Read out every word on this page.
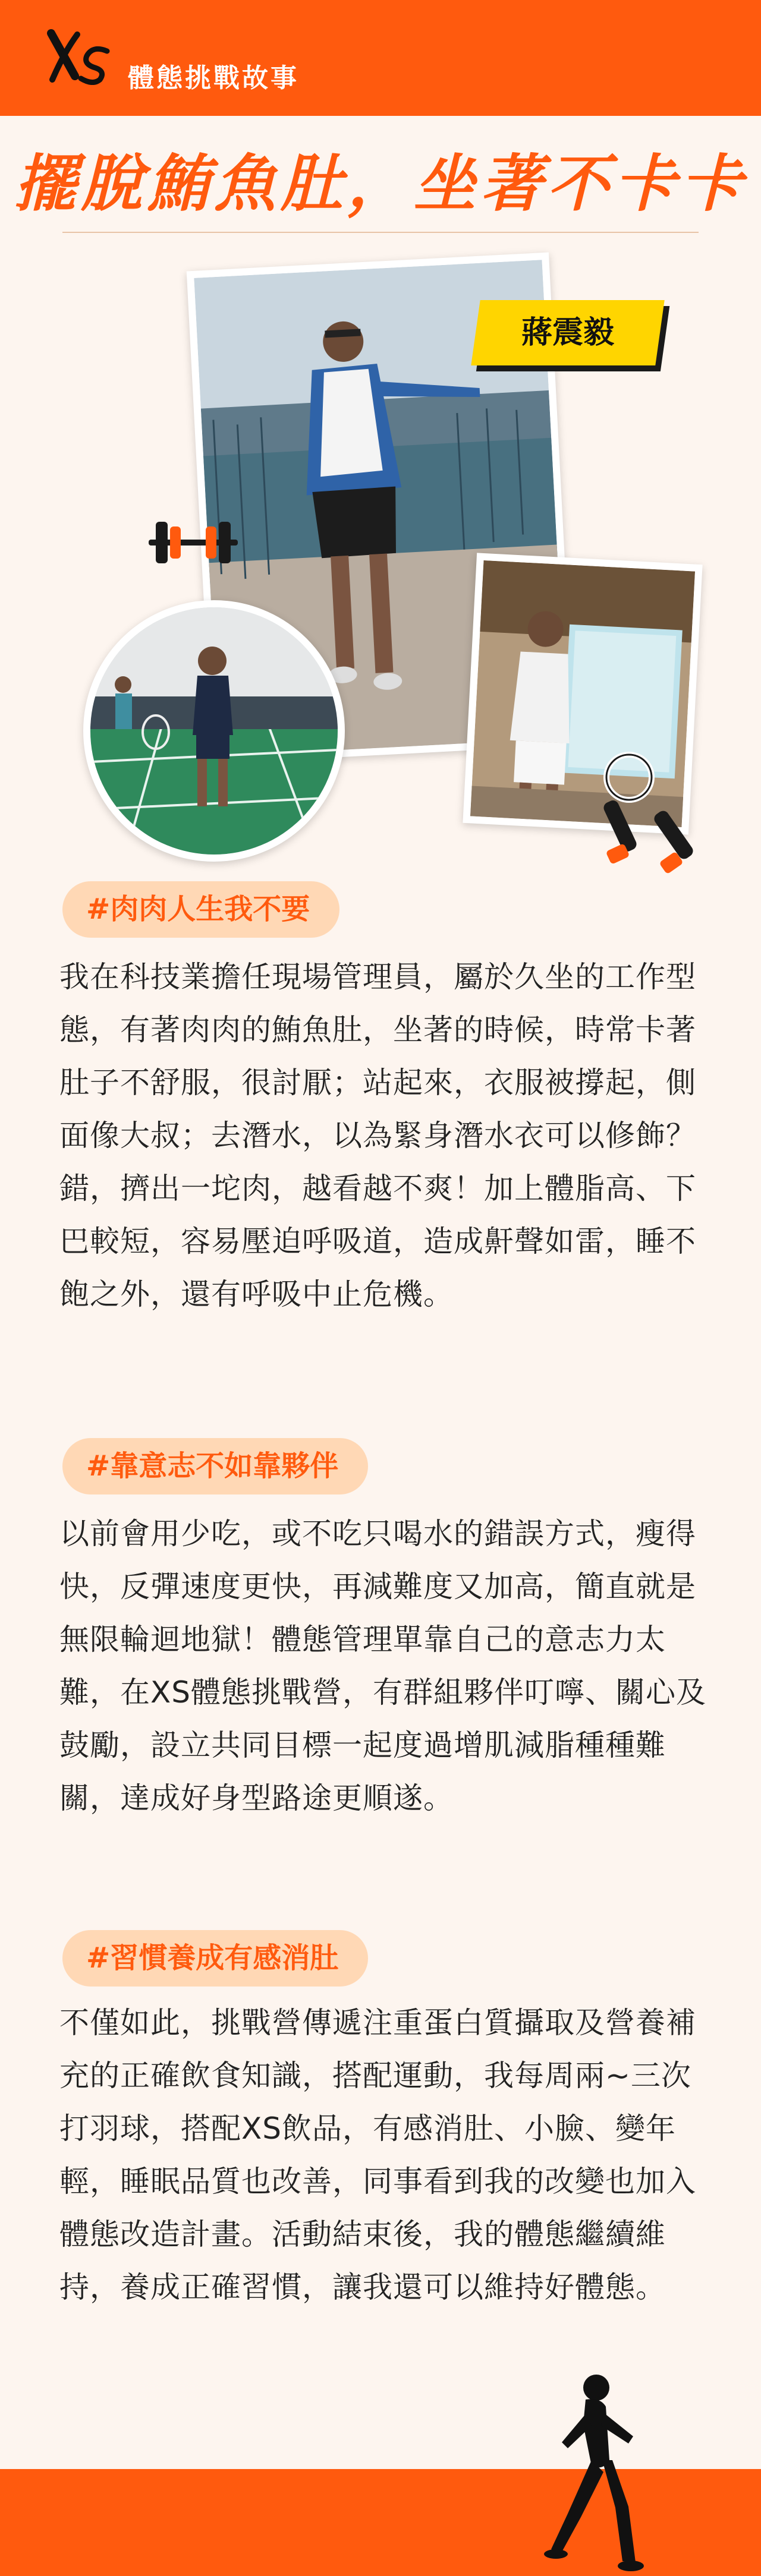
體態挑戰故事
擺脫鮪魚肚，坐著不卡卡
蔣震毅
#肉肉人生我不要
我在科技業擔任現場管理員，屬於久坐的工作型態，有著肉肉的鮪魚肚，坐著的時候，時常卡著肚子不舒服，很討厭；站起來，衣服被撐起，側面像大叔；去潛水，以為緊身潛水衣可以修飾？錯，擠出一坨肉，越看越不爽！加上體脂高、下巴較短，容易壓迫呼吸道，造成鼾聲如雷，睡不飽之外，還有呼吸中止危機。
#靠意志不如靠夥伴
以前會用少吃，或不吃只喝水的錯誤方式，瘦得快，反彈速度更快，再減難度又加高，簡直就是無限輪迴地獄！體態管理單靠自己的意志力太難，在XS體態挑戰營，有群組夥伴叮嚀、關心及鼓勵，設立共同目標一起度過增肌減脂種種難關，達成好身型路途更順遂。
#習慣養成有感消肚
不僅如此，挑戰營傳遞注重蛋白質攝取及營養補充的正確飲食知識，搭配運動，我每周兩~三次打羽球，搭配XS飲品，有感消肚、小臉、變年輕，睡眠品質也改善，同事看到我的改變也加入體態改造計畫。活動結束後，我的體態繼續維持，養成正確習慣，讓我還可以維持好體態。
